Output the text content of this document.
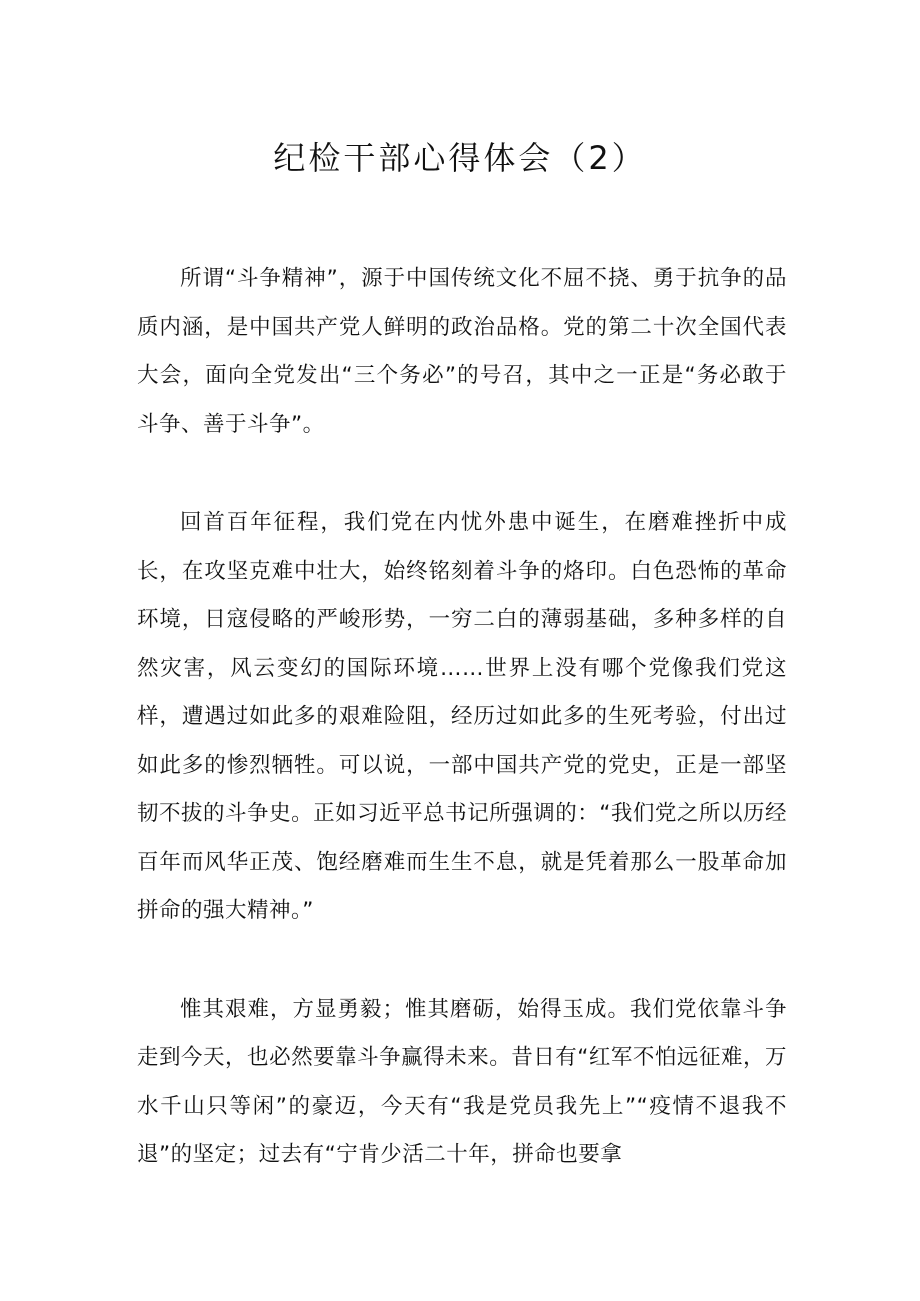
纪检干部心得体会（2）

所谓“斗争精神”，源于中国传统文化不屈不挠、勇于抗争的品质内涵，是中国共产党人鲜明的政治品格。党的第二十次全国代表大会，面向全党发出“三个务必”的号召，其中之一正是“务必敢于斗争、善于斗争”。

回首百年征程，我们党在内忧外患中诞生，在磨难挫折中成长，在攻坚克难中壮大，始终铭刻着斗争的烙印。白色恐怖的革命环境，日寇侵略的严峻形势，一穷二白的薄弱基础，多种多样的自然灾害，风云变幻的国际环境……世界上没有哪个党像我们党这样，遭遇过如此多的艰难险阻，经历过如此多的生死考验，付出过如此多的惨烈牺牲。可以说，一部中国共产党的党史，正是一部坚韧不拔的斗争史。正如习近平总书记所强调的：“我们党之所以历经百年而风华正茂、饱经磨难而生生不息，就是凭着那么一股革命加拼命的强大精神。”

惟其艰难，方显勇毅；惟其磨砺，始得玉成。我们党依靠斗争走到今天，也必然要靠斗争赢得未来。昔日有“红军不怕远征难，万水千山只等闲”的豪迈，今天有“我是党员我先上”“疫情不退我不退”的坚定；过去有“宁肯少活二十年，拼命也要拿
